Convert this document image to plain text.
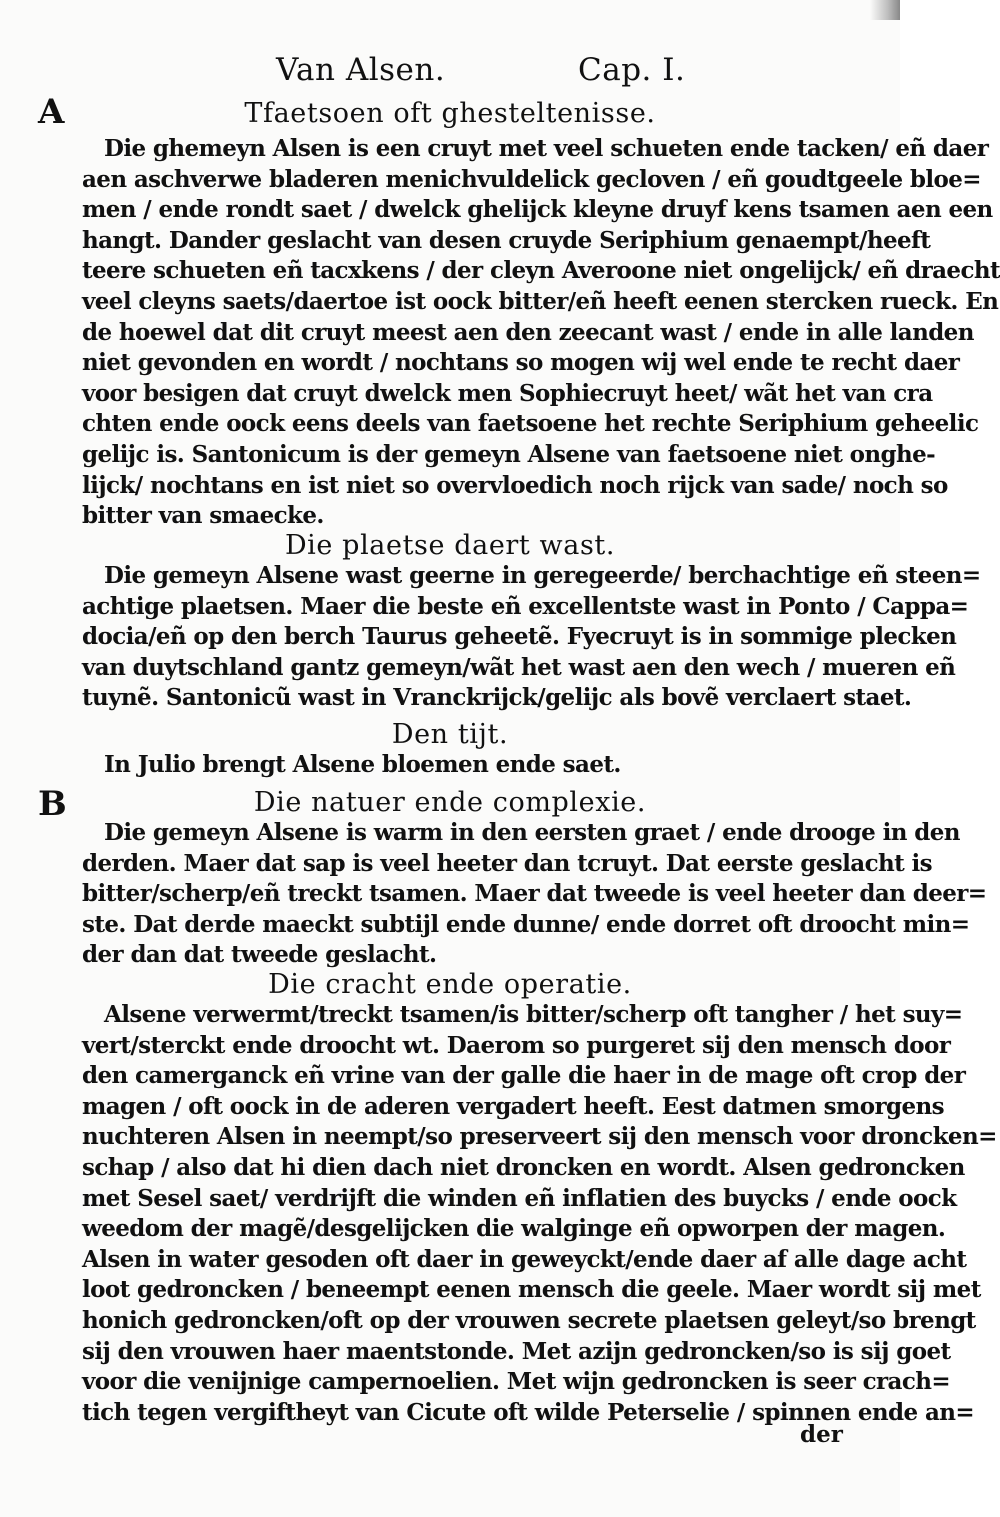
Van Alsen.	Cap. I.
A
B
Tfaetsoen oft ghesteltenisse.
Die ghemeyn Alsen is een cruyt met veel schueten ende tacken/ eñ daer
aen aschverwe bladeren menichvuldelick gecloven / eñ goudtgeele bloe=
men / ende rondt saet / dwelck ghelijck kleyne druyf kens tsamen aen een
hangt. Dander geslacht van desen cruyde Seriphium genaempt/heeft
teere schueten eñ tacxkens / der cleyn Averoone niet ongelijck/ eñ draecht
veel cleyns saets/daertoe ist oock bitter/eñ heeft eenen stercken rueck. En
de hoewel dat dit cruyt meest aen den zeecant wast / ende in alle landen
niet gevonden en wordt / nochtans so mogen wij wel ende te recht daer
voor besigen dat cruyt dwelck men Sophiecruyt heet/ wãt het van cra
chten ende oock eens deels van faetsoene het rechte Seriphium geheelic
gelijc is. Santonicum is der gemeyn Alsene van faetsoene niet onghe-
lijck/ nochtans en ist niet so overvloedich noch rijck van sade/ noch so
bitter van smaecke.
Die plaetse daert wast.
Die gemeyn Alsene wast geerne in geregeerde/ berchachtige eñ steen=
achtige plaetsen. Maer die beste eñ excellentste wast in Ponto / Cappa=
docia/eñ op den berch Taurus geheetẽ. Fyecruyt is in sommige plecken
van duytschland gantz gemeyn/wãt het wast aen den wech / mueren eñ
tuynẽ. Santonicũ wast in Vranckrijck/gelijc als bovẽ verclaert staet.
Den tijt.
In Julio brengt Alsene bloemen ende saet.
Die natuer ende complexie.
Die gemeyn Alsene is warm in den eersten graet / ende drooge in den
derden. Maer dat sap is veel heeter dan tcruyt. Dat eerste geslacht is
bitter/scherp/eñ treckt tsamen. Maer dat tweede is veel heeter dan deer=
ste. Dat derde maeckt subtijl ende dunne/ ende dorret oft droocht min=
der dan dat tweede geslacht.
Die cracht ende operatie.
Alsene verwermt/treckt tsamen/is bitter/scherp oft tangher / het suy=
vert/sterckt ende droocht wt. Daerom so purgeret sij den mensch door
den camerganck eñ vrine van der galle die haer in de mage oft crop der
magen / oft oock in de aderen vergadert heeft. Eest datmen smorgens
nuchteren Alsen in neempt/so preserveert sij den mensch voor droncken=
schap / also dat hi dien dach niet droncken en wordt. Alsen gedroncken
met Sesel saet/ verdrijft die winden eñ inflatien des buycks / ende oock
weedom der magẽ/desgelijcken die walginge eñ opworpen der magen.
Alsen in water gesoden oft daer in geweyckt/ende daer af alle dage acht
loot gedroncken / beneempt eenen mensch die geele. Maer wordt sij met
honich gedroncken/oft op der vrouwen secrete plaetsen geleyt/so brengt
sij den vrouwen haer maentstonde. Met azijn gedroncken/so is sij goet
voor die venijnige campernoelien. Met wijn gedroncken is seer crach=
tich tegen vergiftheyt van Cicute oft wilde Peterselie / spinnen ende an=
der
